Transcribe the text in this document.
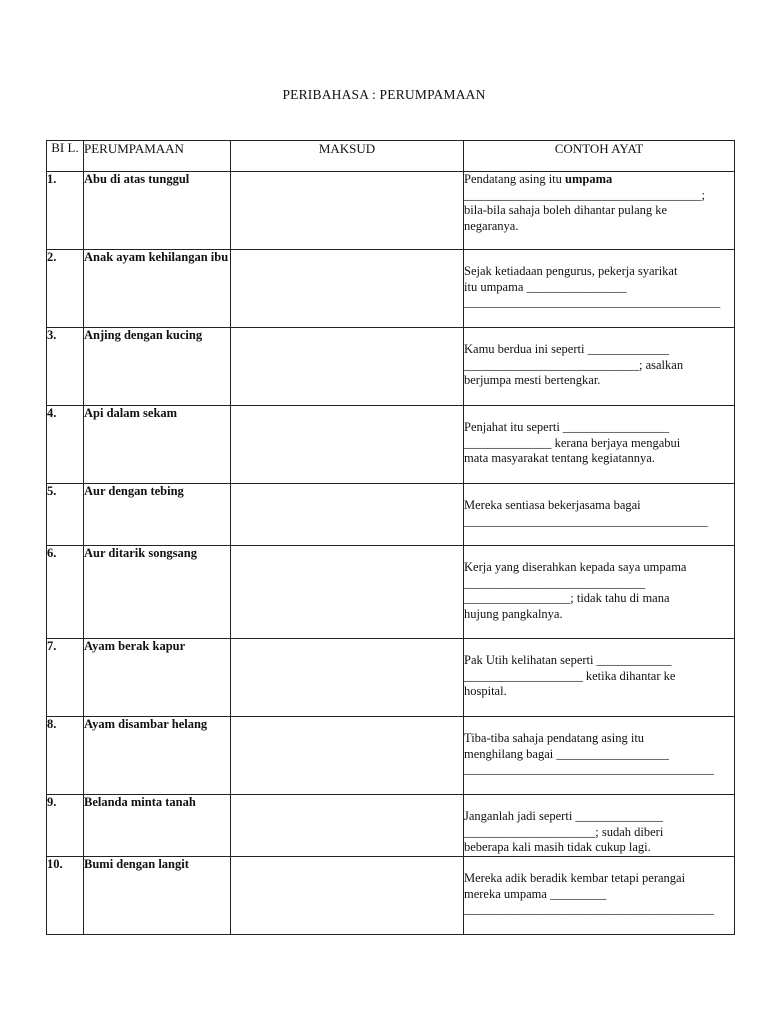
PERIBAHASA : PERUMPAMAAN
BI L.	PERUMPAMAAN	MAKSUD	CONTOH AYAT
1.	Abu di atas tunggul		Pendatang asing itu umpama
______________________________________;
bila-bila sahaja boleh dihantar pulang ke
negaranya.
2.	Anak ayam kehilangan ibu		Sejak ketiadaan pengurus, pekerja syarikat
itu umpama ________________
_________________________________________
3.	Anjing dengan kucing		Kamu berdua ini seperti _____________
____________________________; asalkan
berjumpa mesti bertengkar.
4.	Api dalam sekam		Penjahat itu seperti _________________
______________ kerana berjaya mengabui
mata masyarakat tentang kegiatannya.
5.	Aur dengan tebing		Mereka sentiasa bekerjasama bagai
_______________________________________
6.	Aur ditarik songsang		Kerja yang diserahkan kepada saya umpama
_____________________________
_________________; tidak tahu di mana
hujung pangkalnya.
7.	Ayam berak kapur		Pak Utih kelihatan seperti ____________
___________________ ketika dihantar ke
hospital.
8.	Ayam disambar helang		Tiba-tiba sahaja pendatang asing itu
menghilang bagai __________________
________________________________________
9.	Belanda minta tanah		Janganlah jadi seperti ______________
_____________________; sudah diberi
beberapa kali masih tidak cukup lagi.
10.	Bumi dengan langit		Mereka adik beradik kembar tetapi perangai
mereka umpama _________
________________________________________
